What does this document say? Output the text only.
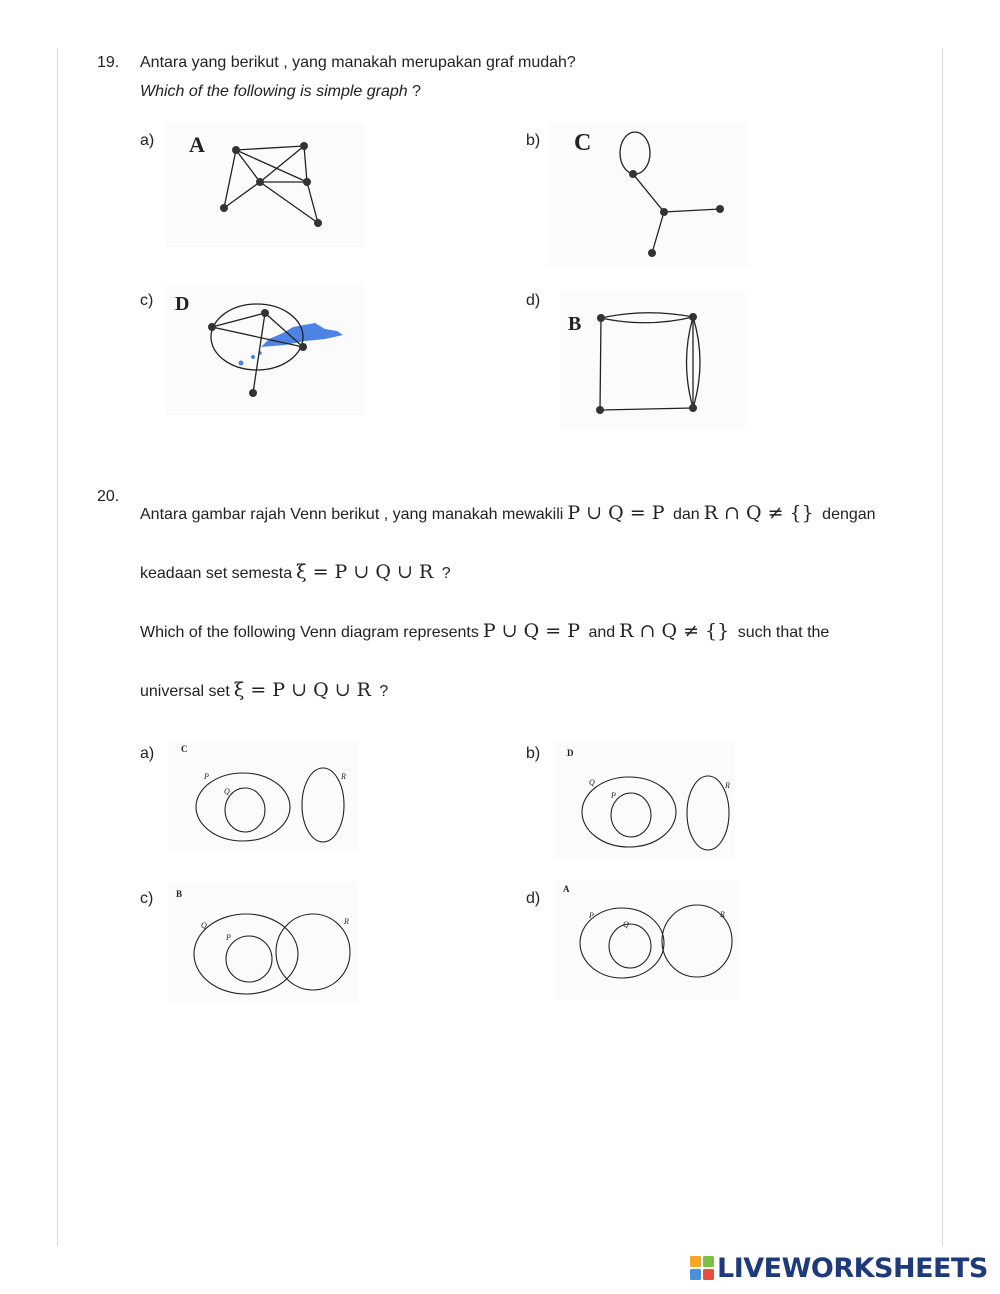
19. Antara yang berikut , yang manakah merupakan graf mudah?
Which of the following is simple graph ?
a)	b)
c)	d)
A	C
D
B
20.
Antara gambar rajah Venn berikut , yang manakah mewakili P ∪ Q = P dan R ∩ Q ≠ {} dengan
keadaan set semesta ξ = P ∪ Q ∪ R ?
Which of the following Venn diagram represents P ∪ Q = P and R ∩ Q ≠ {} such that the
universal set ξ = P ∪ Q ∪ R ?
a)	b)
c)	d)
C
P
Q
R
D
Q
P
R
B
Q
P
R
A
P
Q
R
LIVEWORKSHEETS
